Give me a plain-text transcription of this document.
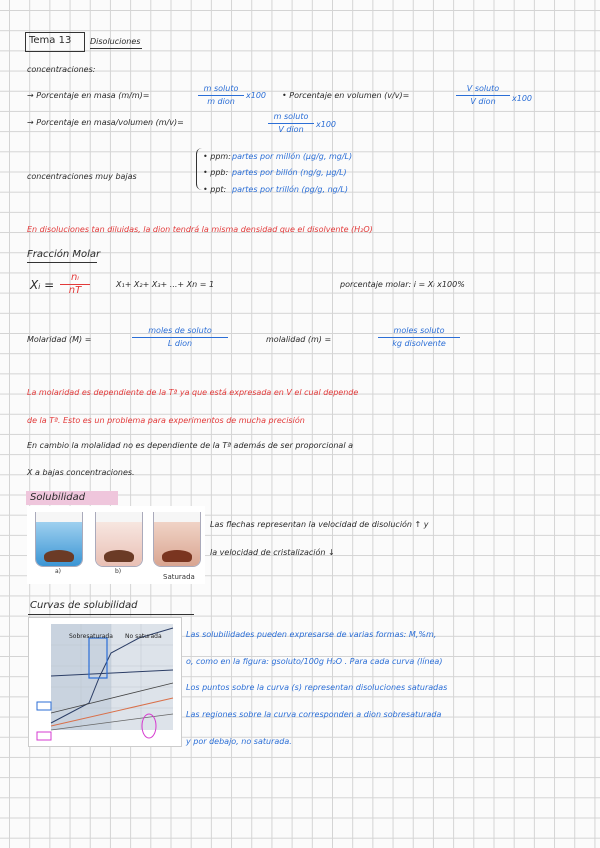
Tema 13 Disoluciones
concentraciones:
→ Porcentaje en masa (m/m)=
m soluto
m dion
x100 • Porcentaje en volumen (v/v)=
V soluto
V dion	x100
→ Porcentaje en masa/volumen (m/v)=
m soluto
V dion
x100
concentraciones muy bajas
• ppm: partes por millón (μg/g, mg/L)
• ppb: partes por billón (ng/g, μg/L)
• ppt: partes por trillón (pg/g, ng/L)
En disoluciones tan diluidas, la dion tendrá la misma densidad que el disolvente (H₂O)
Fracción Molar
Xᵢ =
nᵢ
nT
X₁+ X₂+ X₃+ ...+ Xn = 1	porcentaje molar: i = Xᵢ x100%
Molaridad (M) =
moles de soluto
L dion	molalidad (m) =
moles soluto
kg disolvente
La molaridad es dependiente de la Tª ya que está expresada en V el cual depende
de la Tª. Esto es un problema para experimentos de mucha precisión
En cambio la molalidad no es dependiente de la Tª además de ser proporcional a
X a bajas concentraciones.
Solubilidad
a)	b)
Saturada
Las flechas representan la velocidad de disolución ↑ y
la velocidad de cristalización ↓
Curvas de solubilidad
Sobresaturada No saturada	Las solubilidades pueden expresarse de varias formas: M,%m,
o, como en la figura: gsoluto/100g H₂O . Para cada curva (línea)
Los puntos sobre la curva (s) representan disoluciones saturadas
Las regiones sobre la curva corresponden a dion sobresaturada
y por debajo, no saturada.
